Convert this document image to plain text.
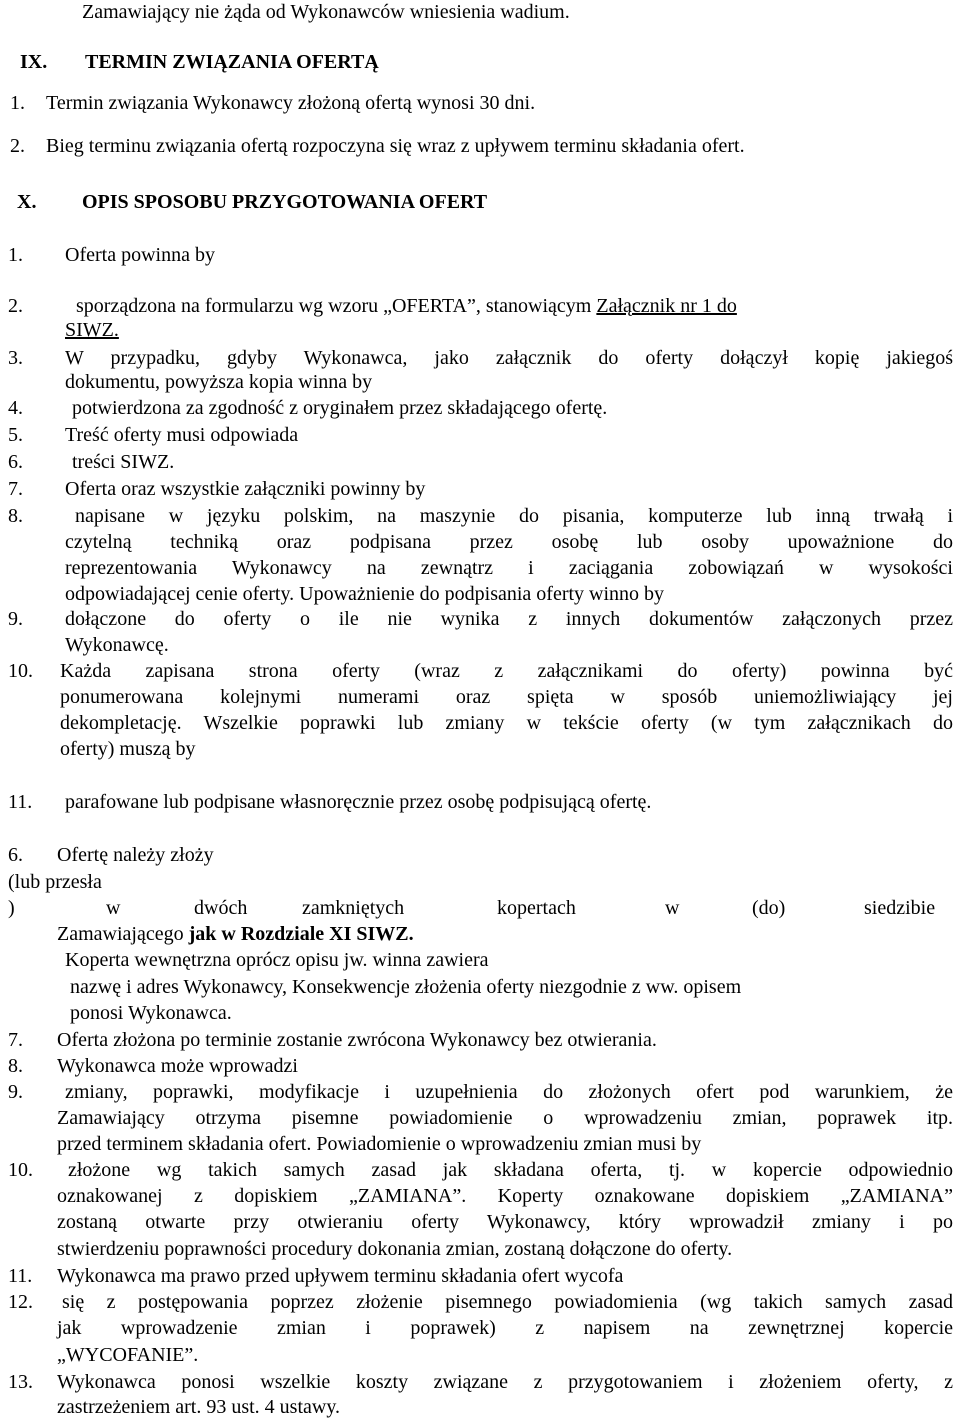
Zamawiający nie żąda od Wykonawców wniesienia wadium.
IX. TERMIN ZWIĄZANIA OFERTĄ
1. Termin związania Wykonawcy złożoną ofertą wynosi 30 dni.
2. Bieg terminu związania ofertą rozpoczyna się wraz z upływem terminu składania ofert.
X. OPIS SPOSOBU PRZYGOTOWANIA OFERT
1. Oferta powinna by
2.	sporządzona na formularzu wg wzoru „OFERTA”, stanowiącym Załącznik nr 1 do
SIWZ.
3. W przypadku, gdyby Wykonawca, jako załącznik do oferty dołączył kopię jakiegoś
dokumentu, powyższa kopia winna by
4. potwierdzona za zgodność z oryginałem przez składającego ofertę.
5. Treść oferty musi odpowiada
6. treści SIWZ.
7. Oferta oraz wszystkie załączniki powinny by
8.	napisane w języku polskim, na maszynie do pisania, komputerze lub inną trwałą i
czytelną techniką oraz podpisana przez osobę lub osoby upoważnione do
reprezentowania Wykonawcy na zewnątrz i zaciągania zobowiązań w wysokości
odpowiadającej cenie oferty. Upoważnienie do podpisania oferty winno by
9. dołączone do oferty o ile nie wynika z innych dokumentów załączonych przez
Wykonawcę.
10. Każda zapisana strona oferty (wraz z załącznikami do oferty) powinna być
ponumerowana kolejnymi numerami oraz spięta w sposób uniemożliwiający jej
dekompletację. Wszelkie poprawki lub zmiany w tekście oferty (w tym załącznikach do
oferty) muszą by
11. parafowane lub podpisane własnoręcznie przez osobę podpisującą ofertę.
6. Ofertę należy złoży
(lub przesła
)	w	dwóch	zamkniętych	kopertach	w	(do)	siedzibie
Zamawiającego jak w Rozdziale XI SIWZ.
Koperta wewnętrzna oprócz opisu jw. winna zawiera
nazwę i adres Wykonawcy, Konsekwencje złożenia oferty niezgodnie z ww. opisem
ponosi Wykonawca.
7. Oferta złożona po terminie zostanie zwrócona Wykonawcy bez otwierania.
8. Wykonawca może wprowadzi
9. zmiany, poprawki, modyfikacje i uzupełnienia do złożonych ofert pod warunkiem, że
Zamawiający otrzyma pisemne powiadomienie o wprowadzeniu zmian, poprawek itp.
przed terminem składania ofert. Powiadomienie o wprowadzeniu zmian musi by
10. złożone wg takich samych zasad jak składana oferta, tj. w kopercie odpowiednio
oznakowanej z dopiskiem „ZAMIANA”. Koperty oznakowane dopiskiem „ZAMIANA”
zostaną otwarte przy otwieraniu oferty Wykonawcy, który wprowadził zmiany i po
stwierdzeniu poprawności procedury dokonania zmian, zostaną dołączone do oferty.
11. Wykonawca ma prawo przed upływem terminu składania ofert wycofa
12. się z postępowania poprzez złożenie pisemnego powiadomienia (wg takich samych zasad
jak wprowadzenie zmian i poprawek) z napisem na zewnętrznej kopercie
„WYCOFANIE”.
13. Wykonawca ponosi wszelkie koszty związane z przygotowaniem i złożeniem oferty, z
zastrzeżeniem art. 93 ust. 4 ustawy.
